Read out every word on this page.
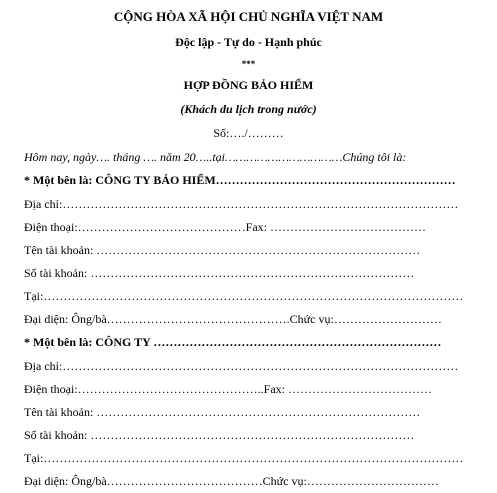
CỘNG HÒA XÃ HỘI CHỦ NGHĨA VIỆT NAM
Độc lập - Tự do - Hạnh phúc
***
HỢP ĐỒNG BẢO HIỂM
(Khách du lịch trong nước)
Số:…./………
Hôm nay, ngày…. tháng …. năm 20…..tại……………………………Chúng tôi là:
* Một bên là: CÔNG TY BẢO HIỂM……………………………………………………
Địa chỉ:………………………………………………………………………………………
Điện thoại:……………………………………Fax: …………………………………
Tên tài khoản: ………………………………………………………………………
Số tài khoản: ………………………………………………………………………
Tại:……………………………………………………………………………………………
Đại diện: Ông/bà……………………………………….Chức vụ:………………………
* Một bên là: CÔNG TY ………………………………………………………………
Địa chỉ:………………………………………………………………………………………
Điện thoại:………………………………………..Fax: ………………………………
Tên tài khoản: ………………………………………………………………………
Số tài khoản: ………………………………………………………………………
Tại:……………………………………………………………………………………………
Đại diện: Ông/bà…………………………………Chức vụ:……………………………
